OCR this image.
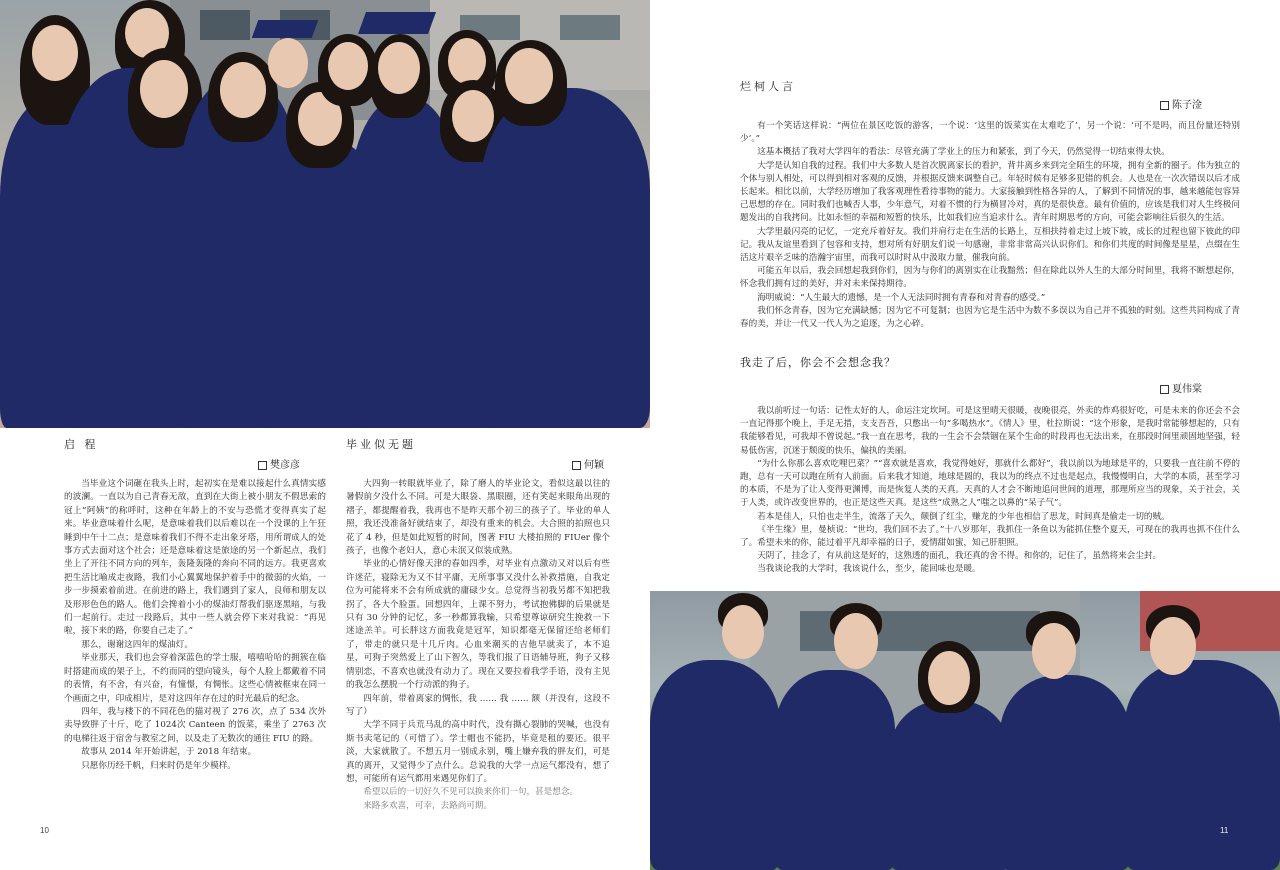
启 程
樊彦彦

当毕业这个词砸在我头上时，起初实在是难以接起什么真情实感的波澜。一直以为自己青春无敌，直到在大街上被小朋友不假思索的冠上“阿姨”的称呼时，这种在年龄上的不安与恐慌才变得真实了起来。毕业意味着什么呢，是意味着我们以后难以在一个没课的上午狂睡到中午十二点；是意味着我们不得不走出象牙塔，用所谓成人的处事方式去面对这个社会；还是意味着这是旅途的另一个新起点，我们坐上了开往不同方向的列车，轰隆轰隆的奔向不同的远方。我更喜欢把生活比喻成走夜路，我们小心翼翼地保护着手中的微弱的火焰，一步一步摸索着前进。在前进的路上，我们遇到了家人，良师和朋友以及形形色色的路人。他们会搀着小小的煤油灯帮我们驱逐黑暗，与我们一起前行。走过一段路后，其中一些人就会停下来对我说：“再见啦，接下来的路，你要自己走了。”

那么，谢谢这四年的煤油灯。

毕业那天，我们也会穿着深蓝色的学士服，嘻嘻哈哈的拥簇在临时搭建而成的架子上，不约而同的望向镜头，每个人脸上都戴着不同的表情，有不舍，有兴奋，有憧憬，有惆怅。这些心情被框束在同一个画面之中，印成相片，是对这四年存在过的时光最后的纪念。

四年，我与楼下的不同花色的猫对视了 276 次，点了 534 次外卖导致胖了十斤，吃了 1024次 Canteen 的饭菜，乘坐了 2763 次的电梯往返于宿舍与教室之间，以及走了无数次的通往 FIU 的路。

故事从 2014 年开始讲起，于 2018 年结束。

只愿你历经千帆，归来时仍是年少模样。

毕业似无题
何颖

大四狗一转眼就毕业了，除了磨人的毕业论文，看似这最以往的暑假前夕没什么不同。可是大眼袋、黑眼圈，还有笑起来眼角出现的褶子，都提醒着我，我再也不是昨天那个初三的孩子了。毕业的单人照，我还没准备好就结束了，却没有重来的机会。大合照的拍照也只花了 4 秒，但是如此短暂的时间，图著 FIU 大楼拍照的 FIUer 像个孩子，也像个老妇人，意心未泯又似装成熟。

毕业的心情好像天津的春如四季，对毕业有点激动又对以后有些许迷茫，寝除无为又不甘平庸，无所事事又没什么补救措施，自我定位为可能将来不会有所成就的庸碌少女。总觉得当初我另都不知把我拐了，各大个脸蛋。回想四年，上课不努力，考试抱佛脚的后果就是只有 30 分钟的记忆，多一秒都算我输，只希望尊谅研究生挽救一下迷途羔羊。可长胖这方面我竟是冠军，知识都毫无保留还给老师们了，带走的就只是十几斤肉。心血来潮买的吉他早就卖了，本不追星，可狗子突然爱上了山下智久，等我们报了日语辅导班，狗子又移情别恋，不喜欢也就没有动力了。现在又要拉着我学手语，没有主见的我怎么摆脱一个行动派的狗子。

四年前，带着离家的惆怅，我 …… 我 …… 额（并没有，这段不写了）

大学不同于兵荒马乱的高中时代，没有撕心裂肺的哭喊，也没有斯书卖笔记的（可惜了）。学士帽也不能扔，毕竟是租的要还。很平淡，大家就散了。不想五月一别成永别，嘴上嫌弃我的胖友们，可是真的离开，又觉得少了点什么。总说我的大学一点运气都没有，想了想，可能所有运气都用来遇见你们了。

希望以后的一切好久不见可以换来你们一句，甚是想念。

来路多欢喜，可幸，去路尚可期。

10
烂柯人言
陈子淦

有一个笑话这样说：“两位在景区吃饭的游客，一个说：‘这里的饭菜实在太难吃了’，另一个说：‘可不是吗，而且份量还特别少’。”

这基本概括了我对大学四年的看法：尽管充满了学业上的压力和紧张，到了今天，仍然觉得一切结束得太快。

大学是认知自我的过程。我们中大多数人是首次脱离家长的看护，背井离乡来到完全陌生的环境，拥有全新的圈子。伟为独立的个体与别人相处，可以得到相对客观的反馈，并根据反馈来调整自己。年轻时候有足够多犯错的机会。人也是在一次次错误以后才成长起来。相比以前，大学经历增加了我客观理性看待事物的能力。大家接触到性格各异的人，了解到不同情况的事，越来越能包容异己思想的存在。同时我们也喊否人事，少年意气，对着不惯的行为横冒冷对，真的是很快意。最有价值的，应该是我们对人生终极问题发出的自我拷问。比如永恒的幸福和短暂的快乐，比如我们应当追求什么。青年时期思考的方向，可能会影响往后很久的生活。

大学里最闪亮的记忆，一定充斥着好友。我们并肩行走在生活的长路上，互相扶持着走过上坡下坡，成长的过程也留下彼此的印记。我从友谊里看到了包容和支持，想对所有好朋友们说一句感谢，非常非常高兴认识你们。和你们共度的时间像是星星，点缀在生活这片艰辛乏味的浩瀚宇宙里，而我可以时时从中汲取力量，催我向前。

可能五年以后，我会回想起我到你们，因为与你们的离别实在让我黯然；但在除此以外人生的大部分时间里，我将不断想起你，怀念我们拥有过的美好，并对未来保持期待。

海明威说：“人生最大的遗憾，是一个人无法同时拥有青春和对青春的感受。”

我们怀念青春，因为它充满缺憾；因为它不可复制；也因为它是生活中为数不多误以为自己并不孤独的时刻。这些共同构成了青春的美，并让一代又一代人为之追逐，为之心碎。

我走了后，你会不会想念我？
夏伟棠

我以前听过一句话：记性太好的人，命运注定坎坷。可是这里晴天很暖，夜晚很亮，外卖的炸鸡很好吃，可是未来的你还会不会一直记得那个晚上，手足无措，支支吾吾，只憋出一句“多喝热水”。《情人》里，杜拉斯说：“这个形象，是我时常能够想起的，只有我能够看见，可我却不曾说起。”我一直在思考，我的一生会不会禁锢在某个生命的时段再也无法出来，在那段时间里顽固地坚强，轻易低伤害，沉迷于颓废的快乐，偏执的美丽。

“为什么你那么喜欢吃哩巴菜？”“喜欢就是喜欢，我觉得她好，那就什么都好”，我以前以为地球是平的，只要我一直往前不停的跑，总有一天可以跑在所有人前面。后来我才知道，地球是圆的，我以为的终点不过也是起点，我慢慢明白，大学的本质，甚至学习的本质，不是为了让人变得更渊博，而是恢复人类的天真。天真的人才会不断地追问世间的道理，那理所应当的现象，关于社会，关于人类，或许改变世界的，也正是这些天真。是这些“成熟之人”嗤之以鼻的“呆子气”。

若本是佳人，只怕也走半生，流落了天久，颠倒了红尘，赚龙的少年也相信了思龙，时间真是偷走一切的贼。

《半生缘》里，曼桢说：“世均，我们回不去了。”十八岁那年，我抓住一条鱼以为能抓住整个夏天，可现在的我再也抓不住什么了。希望未来的你，能过着平凡却幸福的日子，爱情甜如蜜，知己肝胆照。

天阴了，挂念了，有从前这是好的，这熟透的面孔，我还真的舍不得。和你的，记住了，虽然将来会尘封。

当我谈论我的大学时，我该说什么，至少，能回味也是暖。

11
